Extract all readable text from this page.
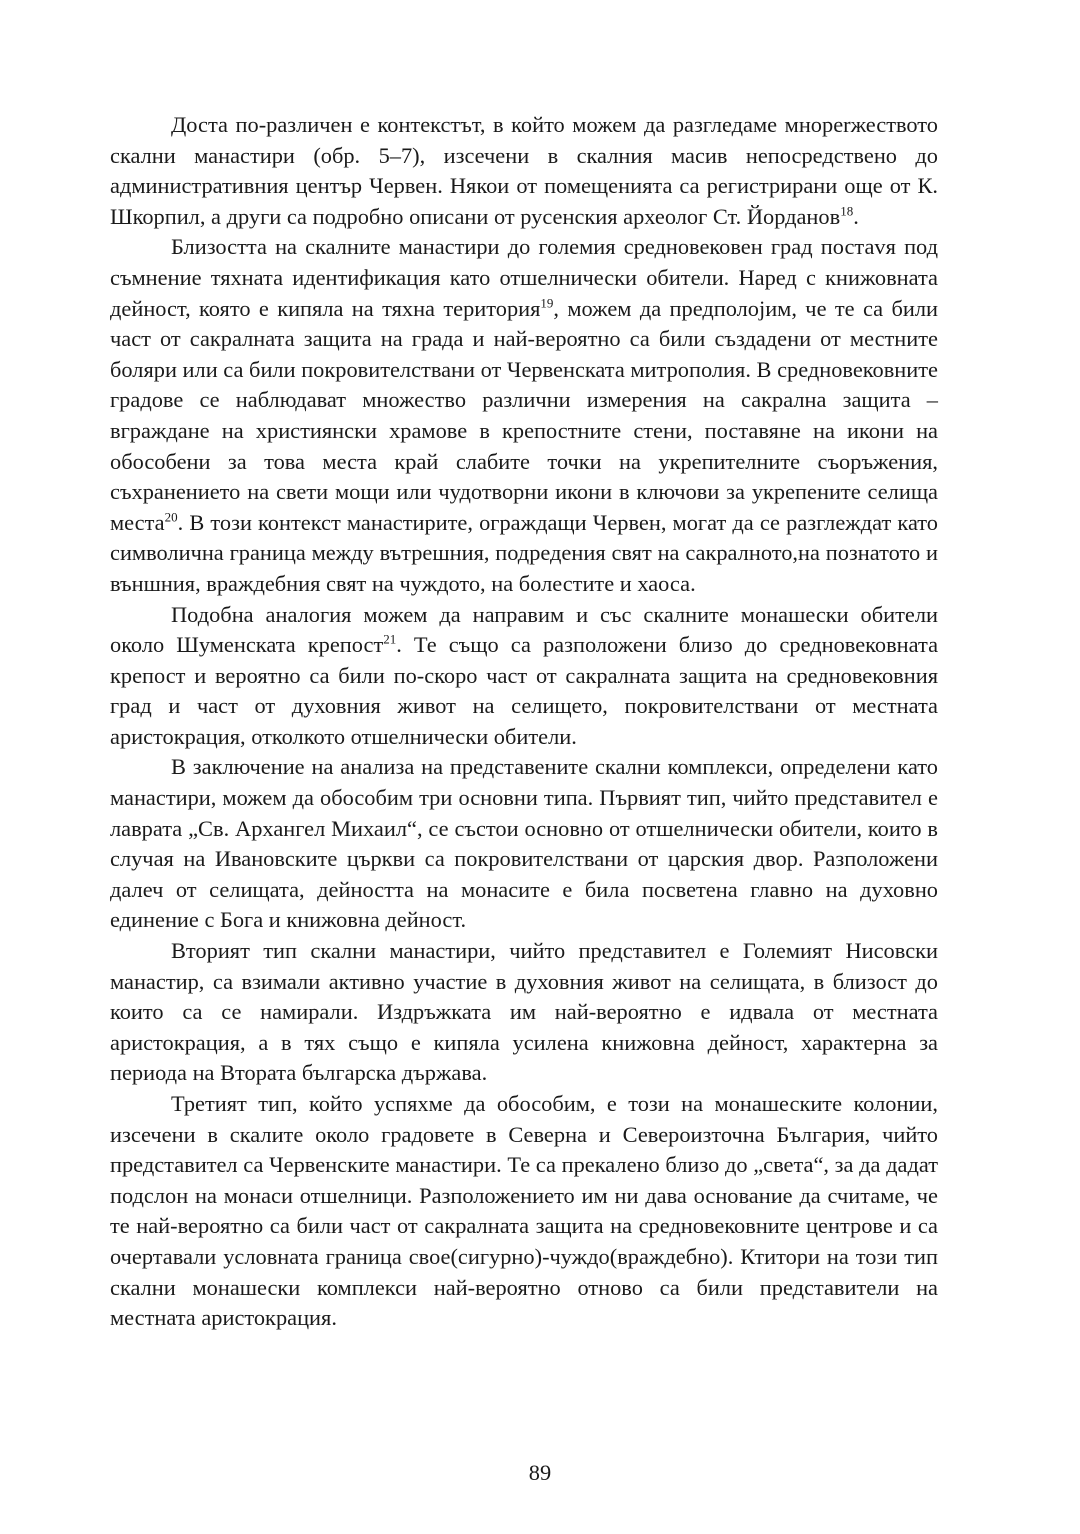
Доста по-различен е контекстът, в който можем да разгледаме мноperжеството скални манастири (обр. 5–7), изсечени в скалния масив непосредствено до административния център Червен. Някои от помещенията са регистрирани още от К. Шкорпил, а други са подробно описани от русенския археолог Ст. Йорданов$^{18}$.

Близостта на скалните манастири до големия средновековен град постаvя под съмнение тяхната идентификация като отшелнически обители. Наред с книжовната дейност, която е кипяла на тяхна територия$^{19}$, можем да предполоjим, че те са били част от сакралната защита на града и най-вероятно са били създадени от местните боляри или са били покровителствани от Червенската митрополия. В средновековните градове се наблюдават множество различни измерения на сакрална защита – вграждане на християнски храмове в крепостните стени, поставяне на икони на обособени за това места край слабите точки на укрепителните съоръжения, съхранението на свети мощи или чудотворни икони в ключови за укрепените селища места$^{20}$. В този контекст манастирите, ограждащи Червен, могат да се разглеждат като символична граница между вътрешния, подредения свят на сакралното,на познатото и външния, враждебния свят на чуждото, на болестите и хаоса.

Подобна аналогия можем да направим и със скалните монашески обители около Шуменската крепост$^{21}$. Те също са разположени близо до средновековната крепост и вероятно са били по-скоро част от сакралната защита на средновековния град и част от духовния живот на селището, покровителствани от местната аристокрация, отколкото отшелнически обители.

В заключение на анализа на представените скални комплекси, определени като манастири, можем да обособим три основни типа. Първият тип, чийто представител е лаврата „Св. Архангел Михаил“, се състои основно от отшелнически обители, които в случая на Ивановските църкви са покровителствани от царския двор. Разположени далеч от селищата, дейността на монасите е била посветена главно на духовно единение с Бога и книжовна дейност.

Вторият тип скални манастири, чийто представител е Големият Нисовски манастир, са взимали активно участие в духовния живот на селищата, в близост до които са се намирали. Издръжката им най-вероятно е идвала от местната аристокрация, а в тях също е кипяла усилена книжовна дейност, характерна за периода на Втората българска държава.

Третият тип, който успяхме да обособим, е този на монашеските колонии, изсечени в скалите около градовете в Северна и Североизточна България, чийто представител са Червенските манастири. Те са прекалено близо до „света“, за да дадат подслон на монаси отшелници. Разположението им ни дава основание да считаме, че те най-вероятно са били част от сакралната защита на средновековните центрове и са очертавали условната граница свое(сигурно)-чуждо(враждебно). Ктитори на този тип скални монашески комплекси най-вероятно отново са били представители на местната аристокрация.

89
